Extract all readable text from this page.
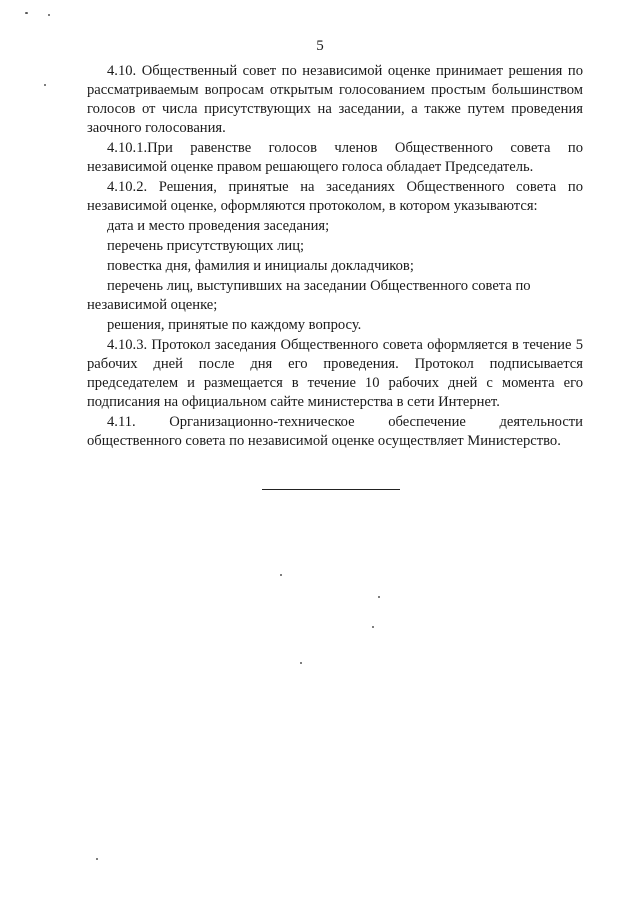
5

4.10. Общественный совет по независимой оценке принимает решения по рассматриваемым вопросам открытым голосованием простым большинством голосов от числа присутствующих на заседании, а также путем проведения заочного голосования.

4.10.1.При равенстве голосов членов Общественного совета по независимой оценке правом решающего голоса обладает Председатель.

4.10.2. Решения, принятые на заседаниях Общественного совета по независимой оценке, оформляются протоколом, в котором указываются:

дата и место проведения заседания;

перечень присутствующих лиц;

повестка дня, фамилия и инициалы докладчиков;

перечень лиц, выступивших на заседании Общественного совета по независимой оценке;

решения, принятые по каждому вопросу.

4.10.3. Протокол заседания Общественного совета оформляется в течение 5 рабочих дней после дня его проведения. Протокол подписывается председателем и размещается в течение 10 рабочих дней с момента его подписания на официальном сайте министерства в сети Интернет.

4.11. Организационно-техническое обеспечение деятельности общественного совета по независимой оценке осуществляет Министерство.
